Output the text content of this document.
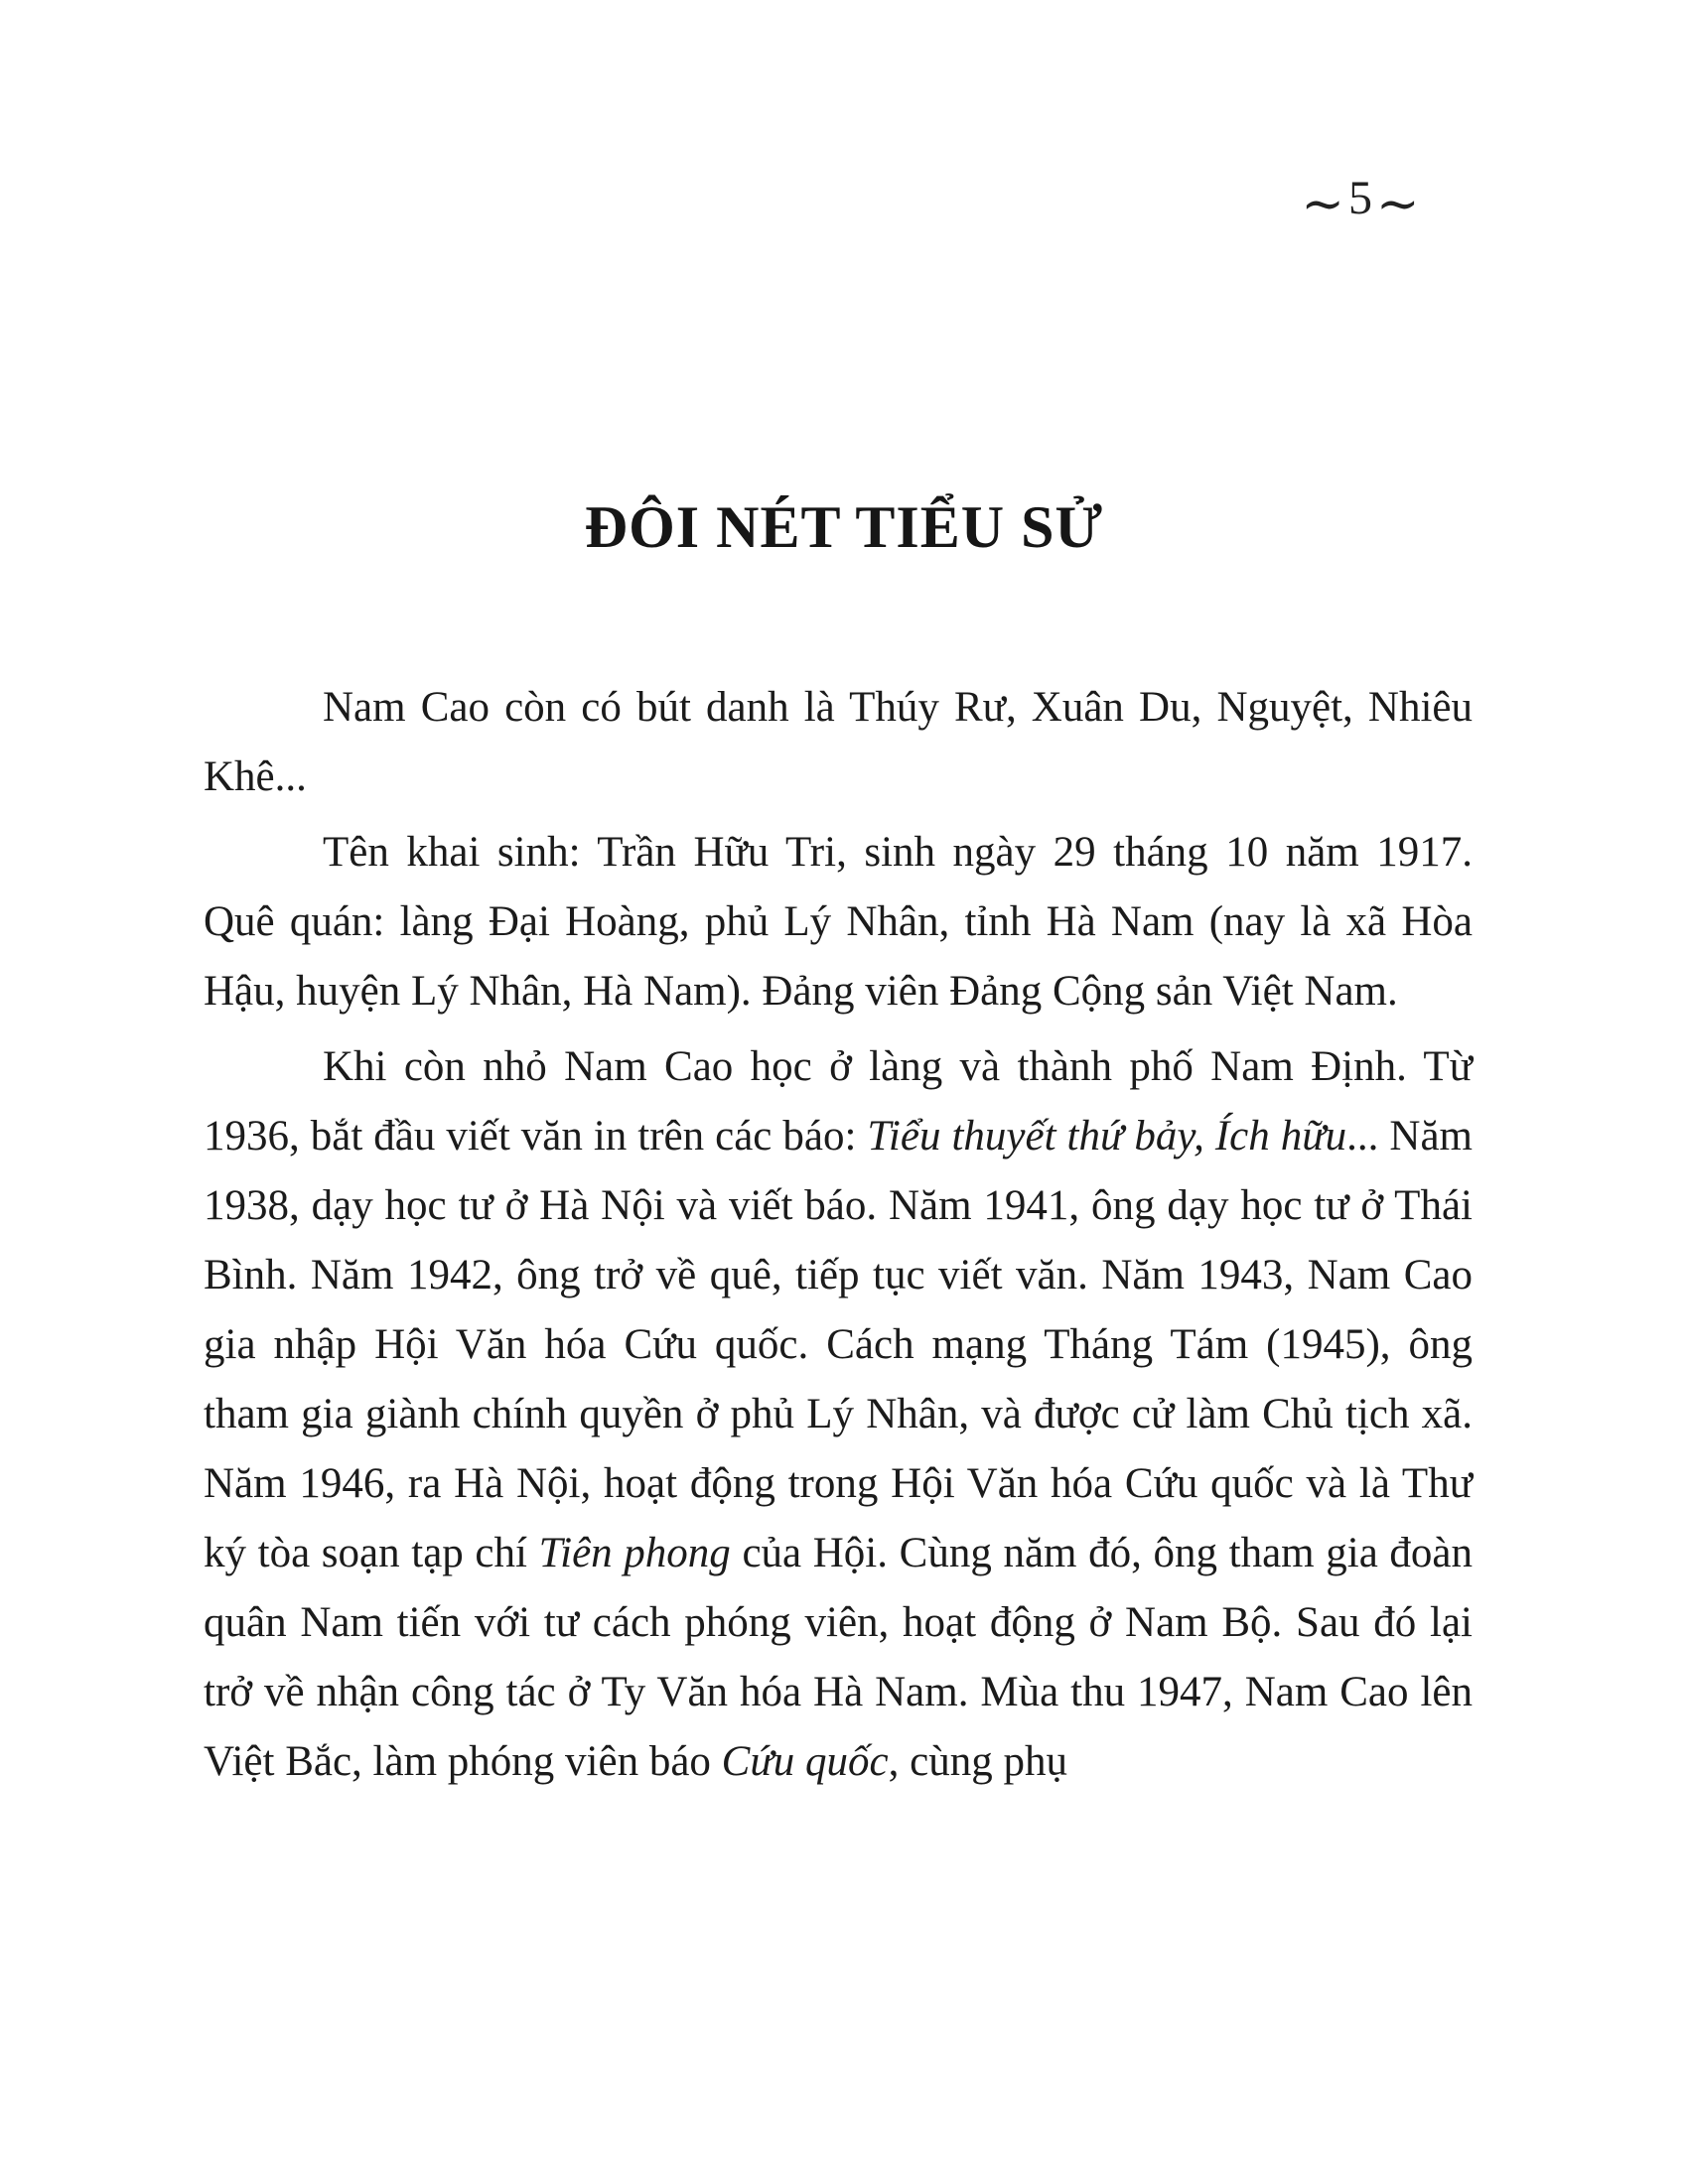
~ 5 ~
ĐÔI NÉT TIỂU SỬ
Nam Cao còn có bút danh là Thúy Rư, Xuân Du, Nguyệt, Nhiêu Khê...
Tên khai sinh: Trần Hữu Tri, sinh ngày 29 tháng 10 năm 1917. Quê quán: làng Đại Hoàng, phủ Lý Nhân, tỉnh Hà Nam (nay là xã Hòa Hậu, huyện Lý Nhân, Hà Nam). Đảng viên Đảng Cộng sản Việt Nam.
Khi còn nhỏ Nam Cao học ở làng và thành phố Nam Định. Từ 1936, bắt đầu viết văn in trên các báo: Tiểu thuyết thứ bảy, Ích hữu... Năm 1938, dạy học tư ở Hà Nội và viết báo. Năm 1941, ông dạy học tư ở Thái Bình. Năm 1942, ông trở về quê, tiếp tục viết văn. Năm 1943, Nam Cao gia nhập Hội Văn hóa Cứu quốc. Cách mạng Tháng Tám (1945), ông tham gia giành chính quyền ở phủ Lý Nhân, và được cử làm Chủ tịch xã. Năm 1946, ra Hà Nội, hoạt động trong Hội Văn hóa Cứu quốc và là Thư ký tòa soạn tạp chí Tiên phong của Hội. Cùng năm đó, ông tham gia đoàn quân Nam tiến với tư cách phóng viên, hoạt động ở Nam Bộ. Sau đó lại trở về nhận công tác ở Ty Văn hóa Hà Nam. Mùa thu 1947, Nam Cao lên Việt Bắc, làm phóng viên báo Cứu quốc, cùng phụ
